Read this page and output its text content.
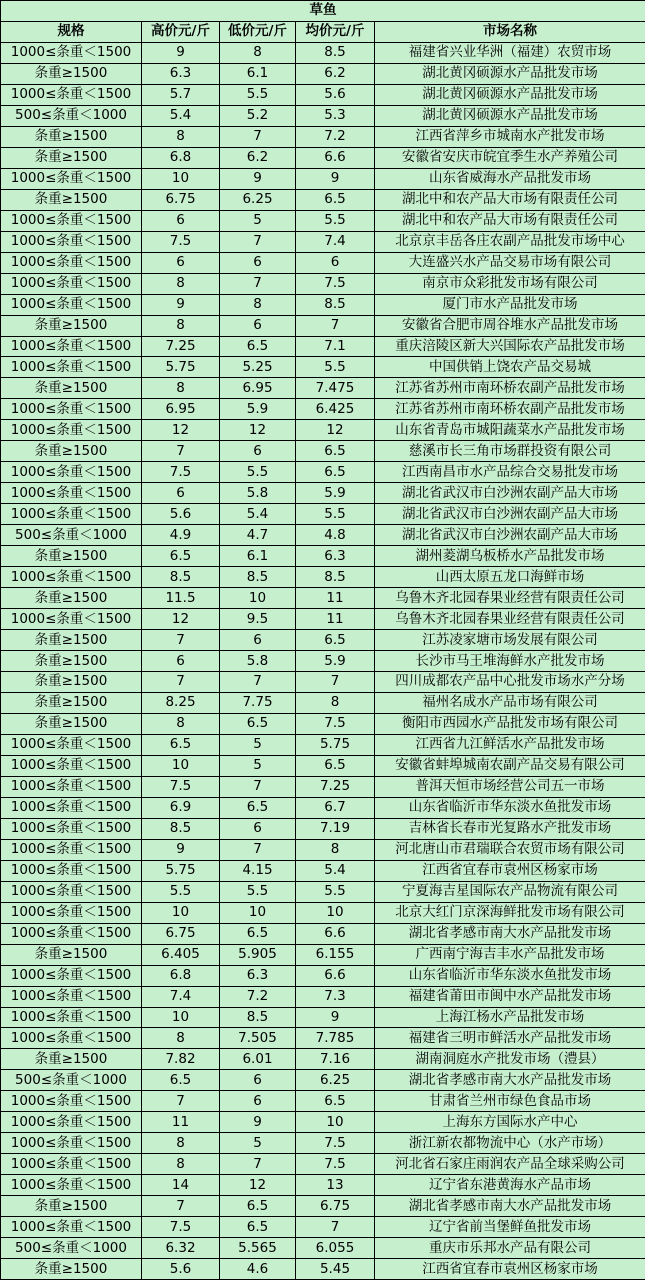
草鱼				
规格	高价元/斤	低价元/斤	均价元/斤	市场名称
1000≤条重＜1500	9	8	8.5	福建省兴业华洲（福建）农贸市场
条重≥1500	6.3	6.1	6.2	湖北黄冈硕源水产品批发市场
1000≤条重＜1500	5.7	5.5	5.6	湖北黄冈硕源水产品批发市场
500≤条重＜1000	5.4	5.2	5.3	湖北黄冈硕源水产品批发市场
条重≥1500	8	7	7.2	江西省萍乡市城南水产批发市场
条重≥1500	6.8	6.2	6.6	安徽省安庆市皖宜季生水产养殖公司
1000≤条重＜1500	10	9	9	山东省威海水产品批发市场
条重≥1500	6.75	6.25	6.5	湖北中和农产品大市场有限责任公司
1000≤条重＜1500	6	5	5.5	湖北中和农产品大市场有限责任公司
1000≤条重＜1500	7.5	7	7.4	北京京丰岳各庄农副产品批发市场中心
1000≤条重＜1500	6	6	6	大连盛兴水产品交易市场有限公司
1000≤条重＜1500	8	7	7.5	南京市众彩批发市场有限公司
1000≤条重＜1500	9	8	8.5	厦门市水产品批发市场
条重≥1500	8	6	7	安徽省合肥市周谷堆水产品批发市场
1000≤条重＜1500	7.25	6.5	7.1	重庆涪陵区新大兴国际农产品批发市场
1000≤条重＜1500	5.75	5.25	5.5	中国供销上饶农产品交易城
条重≥1500	8	6.95	7.475	江苏省苏州市南环桥农副产品批发市场
1000≤条重＜1500	6.95	5.9	6.425	江苏省苏州市南环桥农副产品批发市场
1000≤条重＜1500	12	12	12	山东省青岛市城阳蔬菜水产品批发市场
条重≥1500	7	6	6.5	慈溪市长三角市场群投资有限公司
1000≤条重＜1500	7.5	5.5	6.5	江西南昌市水产品综合交易批发市场
1000≤条重＜1500	6	5.8	5.9	湖北省武汉市白沙洲农副产品大市场
1000≤条重＜1500	5.6	5.4	5.5	湖北省武汉市白沙洲农副产品大市场
500≤条重＜1000	4.9	4.7	4.8	湖北省武汉市白沙洲农副产品大市场
条重≥1500	6.5	6.1	6.3	湖州菱湖乌板桥水产品批发市场
1000≤条重＜1500	8.5	8.5	8.5	山西太原五龙口海鲜市场
条重≥1500	11.5	10	11	乌鲁木齐北园春果业经营有限责任公司
1000≤条重＜1500	12	9.5	11	乌鲁木齐北园春果业经营有限责任公司
条重≥1500	7	6	6.5	江苏凌家塘市场发展有限公司
条重≥1500	6	5.8	5.9	长沙市马王堆海鲜水产批发市场
条重≥1500	7	7	7	四川成都农产品中心批发市场水产分场
条重≥1500	8.25	7.75	8	福州名成水产品市场有限公司
条重≥1500	8	6.5	7.5	衡阳市西园水产品批发市场有限公司
1000≤条重＜1500	6.5	5	5.75	江西省九江鲜活水产品批发市场
1000≤条重＜1500	10	5	6.5	安徽省蚌埠城南农副产品交易有限公司
1000≤条重＜1500	7.5	7	7.25	普洱天恒市场经营公司五一市场
1000≤条重＜1500	6.9	6.5	6.7	山东省临沂市华东淡水鱼批发市场
1000≤条重＜1500	8.5	6	7.19	吉林省长春市光复路水产批发市场
1000≤条重＜1500	9	7	8	河北唐山市君瑞联合农贸市场有限公司
1000≤条重＜1500	5.75	4.15	5.4	江西省宜春市袁州区杨家市场
1000≤条重＜1500	5.5	5.5	5.5	宁夏海吉星国际农产品物流有限公司
1000≤条重＜1500	10	10	10	北京大红门京深海鲜批发市场有限公司
1000≤条重＜1500	6.75	6.5	6.6	湖北省孝感市南大水产品批发市场
条重≥1500	6.405	5.905	6.155	广西南宁海吉丰水产品批发市场
1000≤条重＜1500	6.8	6.3	6.6	山东省临沂市华东淡水鱼批发市场
1000≤条重＜1500	7.4	7.2	7.3	福建省莆田市闽中水产品批发市场
1000≤条重＜1500	10	8.5	9	上海江杨水产品批发市场
1000≤条重＜1500	8	7.505	7.785	福建省三明市鲜活水产品批发市场
条重≥1500	7.82	6.01	7.16	湖南洞庭水产批发市场（澧县）
500≤条重＜1000	6.5	6	6.25	湖北省孝感市南大水产品批发市场
1000≤条重＜1500	7	6	6.5	甘肃省兰州市绿色食品市场
1000≤条重＜1500	11	9	10	上海东方国际水产中心
1000≤条重＜1500	8	5	7.5	浙江新农都物流中心（水产市场）
1000≤条重＜1500	8	7	7.5	河北省石家庄雨润农产品全球采购公司
1000≤条重＜1500	14	12	13	辽宁省东港黄海水产品市场
条重≥1500	7	6.5	6.75	湖北省孝感市南大水产品批发市场
1000≤条重＜1500	7.5	6.5	7	辽宁省前当堡鲜鱼批发市场
500≤条重＜1000	6.32	5.565	6.055	重庆市乐邦水产品有限公司
条重≥1500	5.6	4.6	5.45	江西省宜春市袁州区杨家市场
